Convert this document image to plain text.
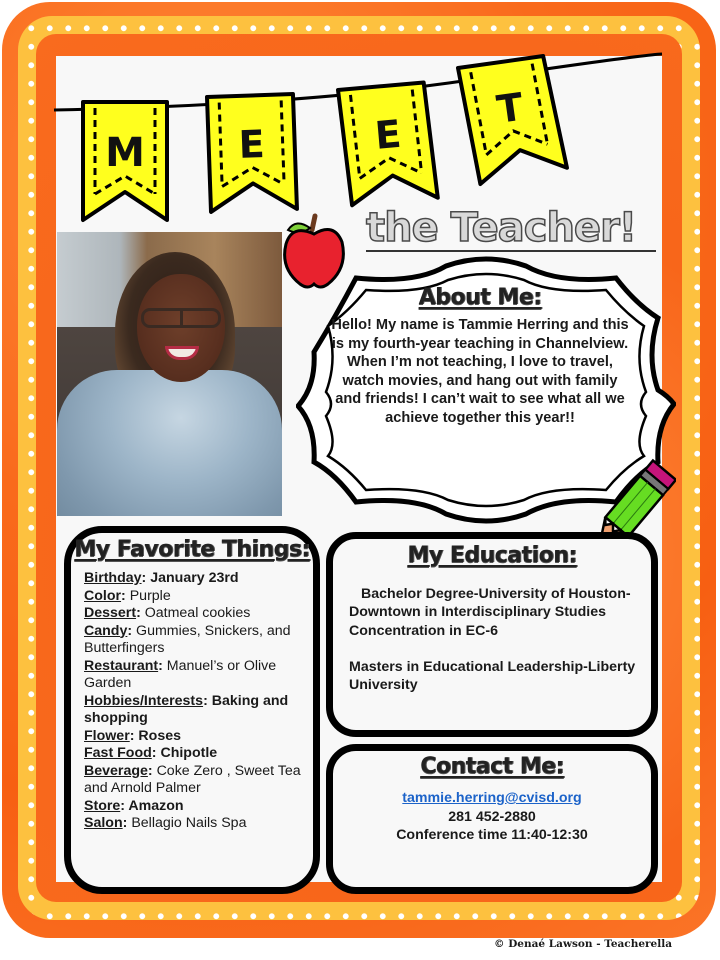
M E	E
T
the Teacher!
About Me:
Hello! My name is Tammie Herring and this is my fourth-year teaching in Channelview. When I’m not teaching, I love to travel, watch movies, and hang out with family and friends! I can’t wait to see what all we achieve together this year!!
My Favorite Things:
Birthday: January 23rd
Color: Purple
Dessert: Oatmeal cookies
Candy: Gummies, Snickers, and Butterfingers
Restaurant: Manuel’s or Olive Garden
Hobbies/Interests: Baking and shopping
Flower: Roses
Fast Food: Chipotle
Beverage: Coke Zero , Sweet Tea and Arnold Palmer
Store: Amazon
Salon: Bellagio Nails Spa
My Education:
Bachelor Degree-University of Houston-Downtown in Interdisciplinary Studies Concentration in EC-6
Masters in Educational Leadership-Liberty University
Contact Me:
tammie.herring@cvisd.org
281 452-2880
Conference time 11:40-12:30
© Denaé Lawson - Teacherella
